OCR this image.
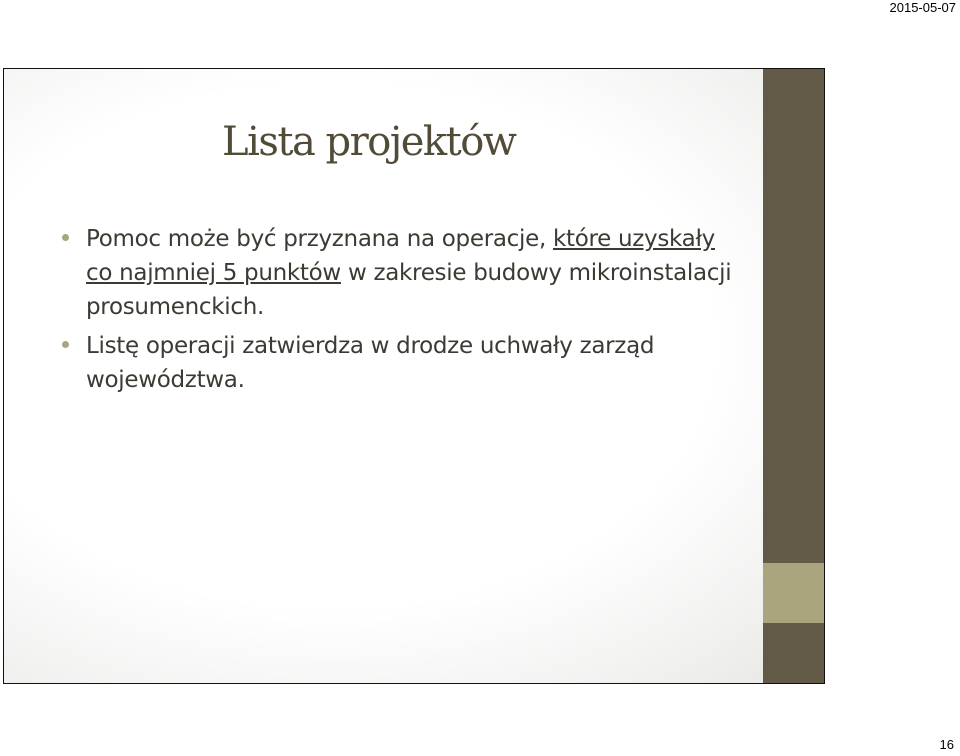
2015-05-07
Lista projektów
Pomoc może być przyznana na operacje, które uzyskały co najmniej 5 punktów w zakresie budowy mikroinstalacji prosumenckich.
Listę operacji zatwierdza w drodze uchwały zarząd województwa.
16
